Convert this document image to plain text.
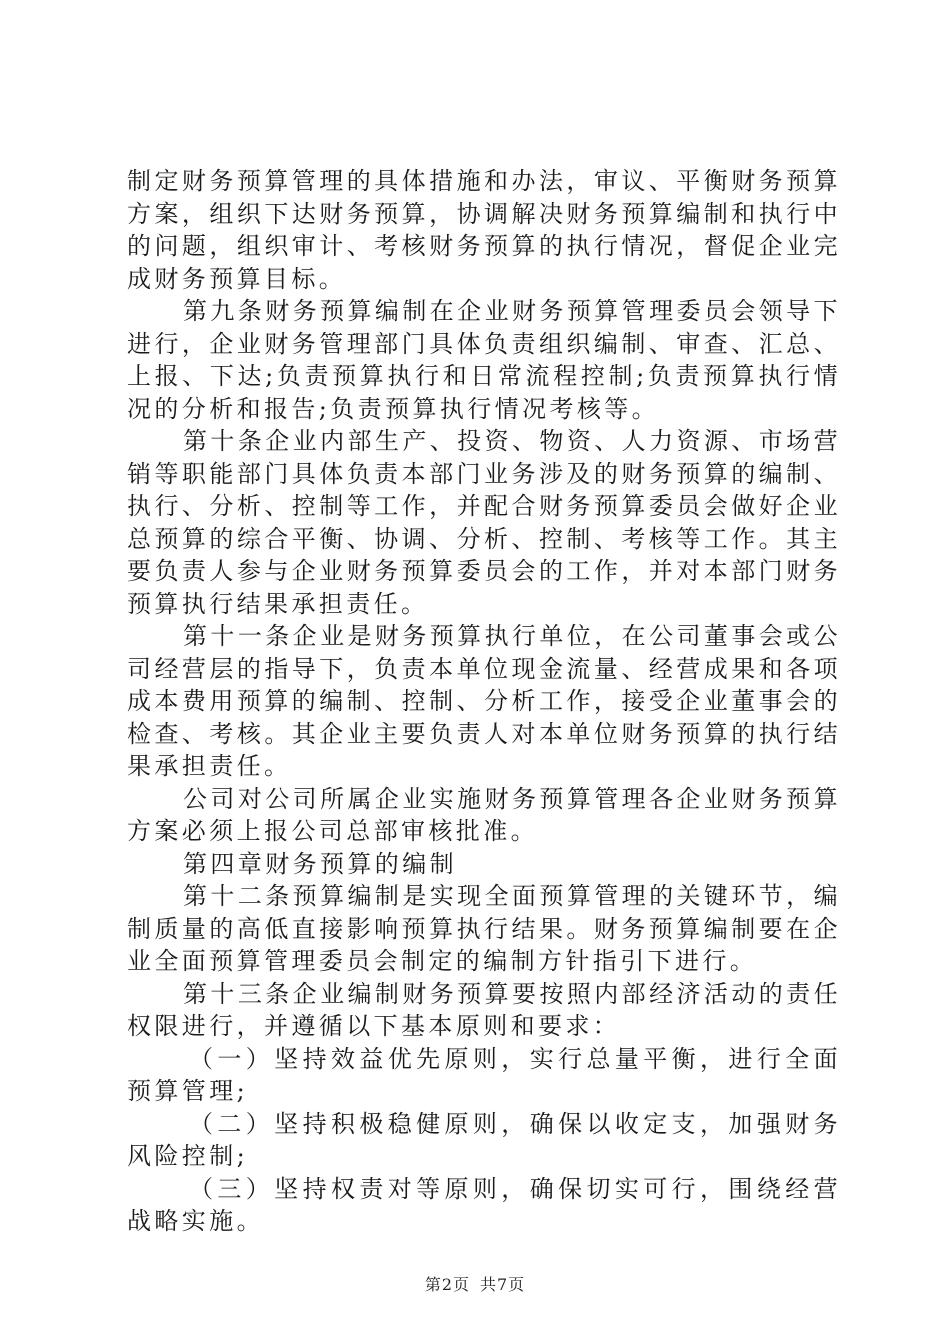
制定财务预算管理的具体措施和办法，审议、平衡财务预算方案，组织下达财务预算，协调解决财务预算编制和执行中的问题，组织审计、考核财务预算的执行情况，督促企业完成财务预算目标。

第九条财务预算编制在企业财务预算管理委员会领导下进行，企业财务管理部门具体负责组织编制、审查、汇总、上报、下达;负责预算执行和日常流程控制;负责预算执行情况的分析和报告;负责预算执行情况考核等。

第十条企业内部生产、投资、物资、人力资源、市场营销等职能部门具体负责本部门业务涉及的财务预算的编制、执行、分析、控制等工作，并配合财务预算委员会做好企业总预算的综合平衡、协调、分析、控制、考核等工作。其主要负责人参与企业财务预算委员会的工作，并对本部门财务预算执行结果承担责任。

第十一条企业是财务预算执行单位，在公司董事会或公司经营层的指导下，负责本单位现金流量、经营成果和各项成本费用预算的编制、控制、分析工作，接受企业董事会的检查、考核。其企业主要负责人对本单位财务预算的执行结果承担责任。

公司对公司所属企业实施财务预算管理各企业财务预算方案必须上报公司总部审核批准。

第四章财务预算的编制

第十二条预算编制是实现全面预算管理的关键环节，编制质量的高低直接影响预算执行结果。财务预算编制要在企业全面预算管理委员会制定的编制方针指引下进行。

第十三条企业编制财务预算要按照内部经济活动的责任权限进行，并遵循以下基本原则和要求：

（一）坚持效益优先原则，实行总量平衡，进行全面预算管理;

（二）坚持积极稳健原则，确保以收定支，加强财务风险控制;

（三）坚持权责对等原则，确保切实可行，围绕经营战略实施。

第2页 共7页
